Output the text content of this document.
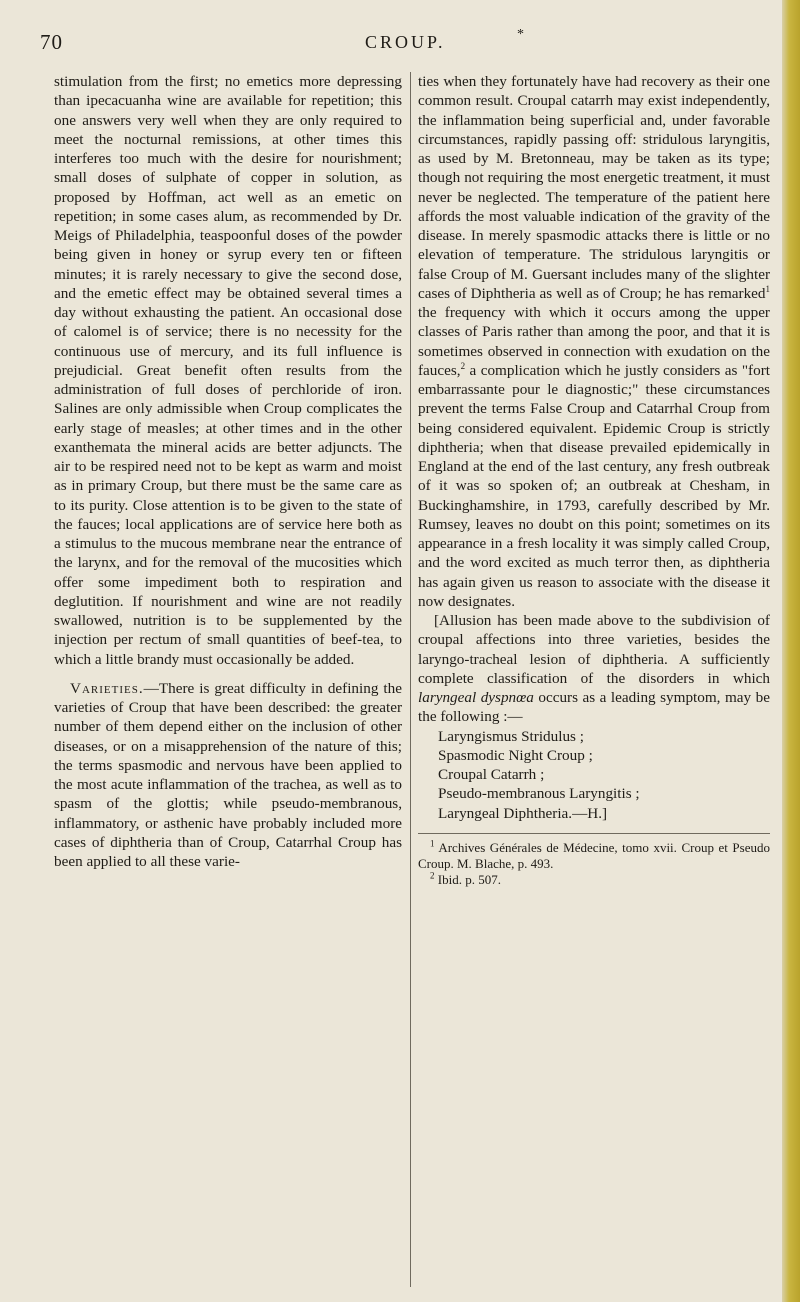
70	CROUP.	*

stimulation from the first; no emetics more depressing than ipecacuanha wine are available for repetition; this one answers very well when they are only required to meet the nocturnal remissions, at other times this interferes too much with the desire for nourishment; small doses of sulphate of copper in solution, as proposed by Hoffman, act well as an emetic on repetition; in some cases alum, as recommended by Dr. Meigs of Philadelphia, teaspoonful doses of the powder being given in honey or syrup every ten or fifteen minutes; it is rarely necessary to give the second dose, and the emetic effect may be obtained several times a day without exhausting the patient. An occasional dose of calomel is of service; there is no necessity for the continuous use of mercury, and its full influence is prejudicial. Great benefit often results from the administration of full doses of perchloride of iron. Salines are only admissible when Croup complicates the early stage of measles; at other times and in the other exanthemata the mineral acids are better adjuncts. The air to be respired need not to be kept as warm and moist as in primary Croup, but there must be the same care as to its purity. Close attention is to be given to the state of the fauces; local applications are of service here both as a stimulus to the mucous membrane near the entrance of the larynx, and for the removal of the mucosities which offer some impediment both to respiration and deglutition. If nourishment and wine are not readily swallowed, nutrition is to be supplemented by the injection per rectum of small quantities of beef-tea, to which a little brandy must occasionally be added.

Varieties.—There is great difficulty in defining the varieties of Croup that have been described: the greater number of them depend either on the inclusion of other diseases, or on a misapprehension of the nature of this; the terms spasmodic and nervous have been applied to the most acute inflammation of the trachea, as well as to spasm of the glottis; while pseudo-membranous, inflammatory, or asthenic have probably included more cases of diphtheria than of Croup, Catarrhal Croup has been applied to all these varie-

ties when they fortunately have had recovery as their one common result. Croupal catarrh may exist independently, the inflammation being superficial and, under favorable circumstances, rapidly passing off: stridulous laryngitis, as used by M. Bretonneau, may be taken as its type; though not requiring the most energetic treatment, it must never be neglected. The temperature of the patient here affords the most valuable indication of the gravity of the disease. In merely spasmodic attacks there is little or no elevation of temperature. The stridulous laryngitis or false Croup of M. Guersant includes many of the slighter cases of Diphtheria as well as of Croup; he has remarked$^1$ the frequency with which it occurs among the upper classes of Paris rather than among the poor, and that it is sometimes observed in connection with exudation on the fauces,$^2$ a complication which he justly considers as "fort embarrassante pour le diagnostic;" these circumstances prevent the terms False Croup and Catarrhal Croup from being considered equivalent. Epidemic Croup is strictly diphtheria; when that disease prevailed epidemically in England at the end of the last century, any fresh outbreak of it was so spoken of; an outbreak at Chesham, in Buckinghamshire, in 1793, carefully described by Mr. Rumsey, leaves no doubt on this point; sometimes on its appearance in a fresh locality it was simply called Croup, and the word excited as much terror then, as diphtheria has again given us reason to associate with the disease it now designates.

[Allusion has been made above to the subdivision of croupal affections into three varieties, besides the laryngo-tracheal lesion of diphtheria. A sufficiently complete classification of the disorders in which laryngeal dyspnœa occurs as a leading symptom, may be the following :—

Laryngismus Stridulus ;
Spasmodic Night Croup ;
Croupal Catarrh ;
Pseudo-membranous Laryngitis ;
Laryngeal Diphtheria.—H.]

$^1$ Archives Générales de Médecine, tomo xvii. Croup et Pseudo Croup. M. Blache, p. 493.

$^2$ Ibid. p. 507.
